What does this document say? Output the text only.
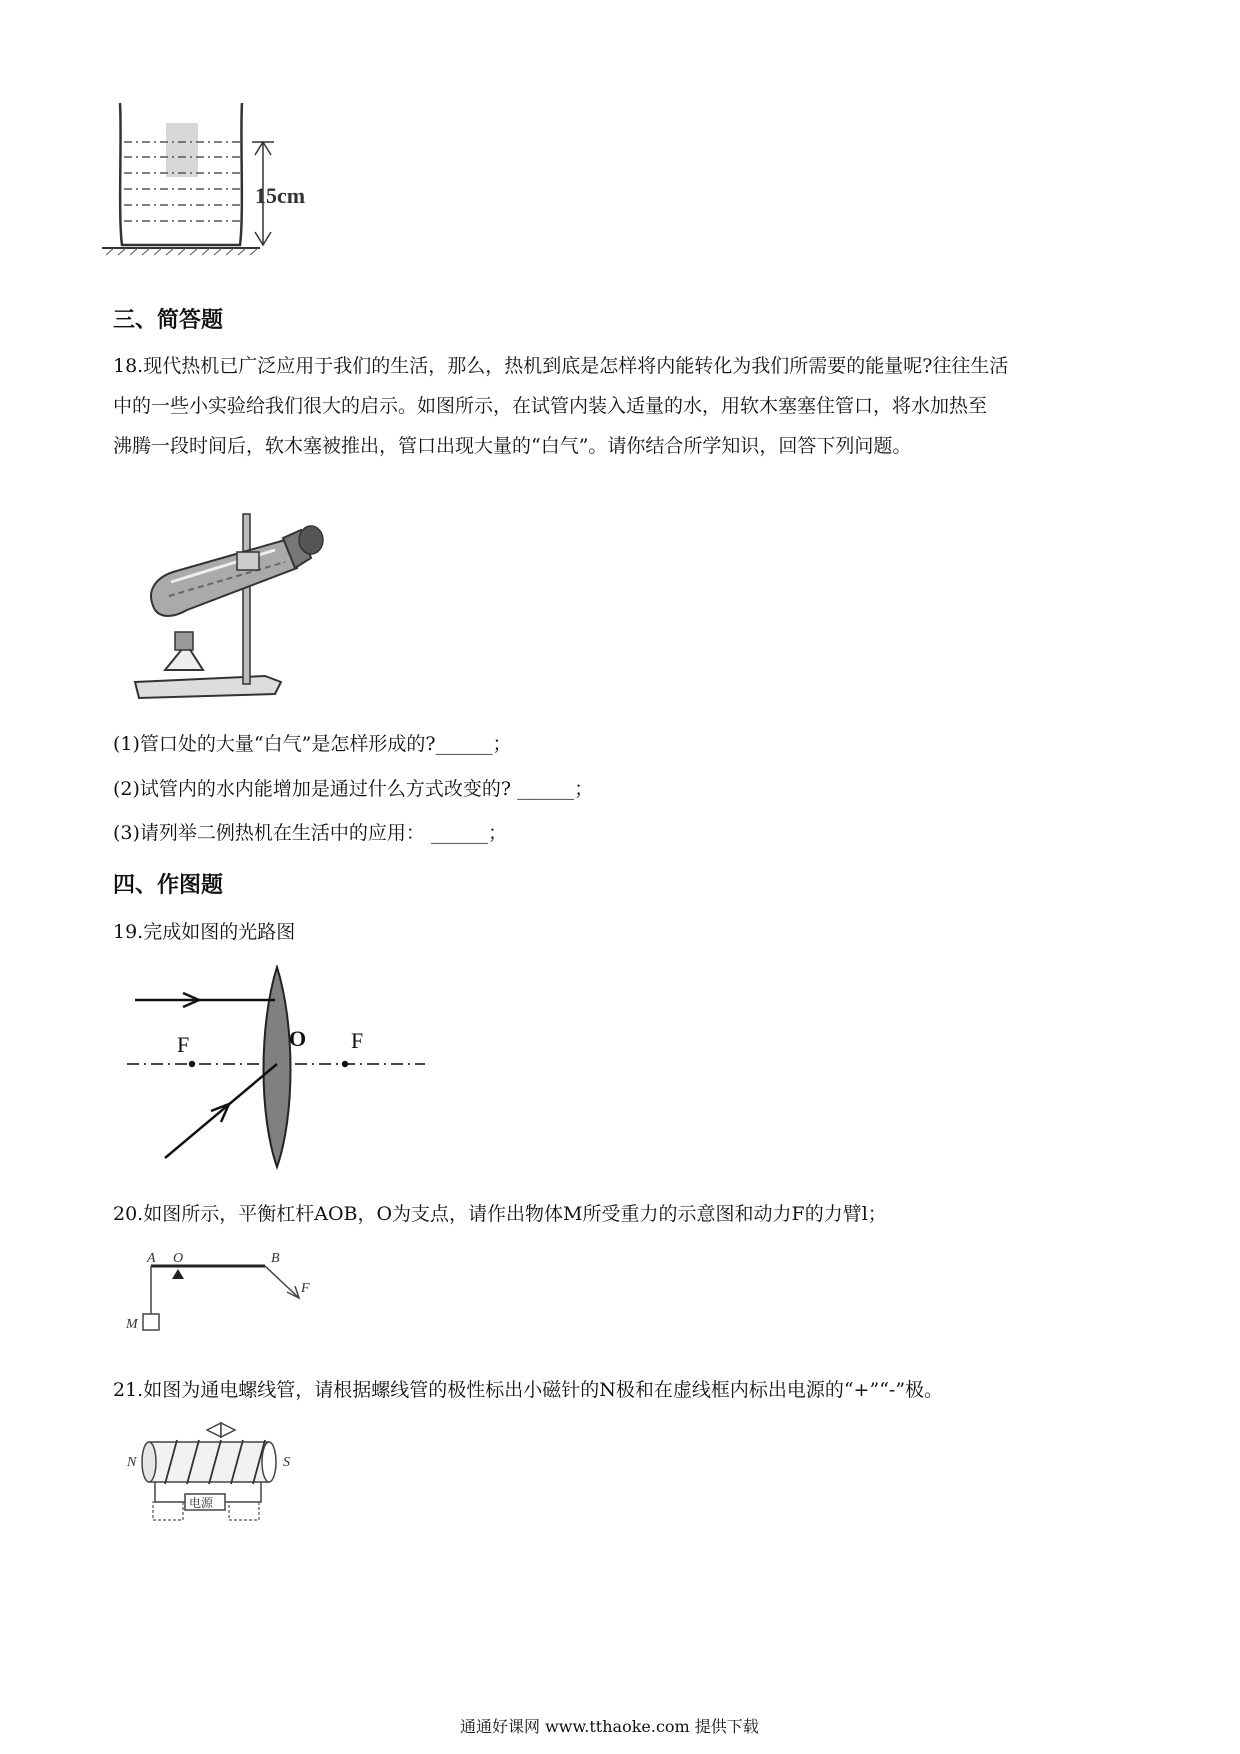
15cm
三、简答题
18.现代热机已广泛应用于我们的生活，那么，热机到底是怎样将内能转化为我们所需要的能量呢?往往生活
中的一些小实验给我们很大的启示。如图所示，在试管内装入适量的水，用软木塞塞住管口，将水加热至
沸腾一段时间后，软木塞被推出，管口出现大量的“白气”。请你结合所学知识，回答下列问题。
(1)管口处的大量“白气”是怎样形成的?______；
(2)试管内的水内能增加是通过什么方式改变的? ______；
(3)请列举二例热机在生活中的应用： ______；
四、作图题
19.完成如图的光路图
F	O F
20.如图所示，平衡杠杆AOB，O为支点，请作出物体M所受重力的示意图和动力F的力臂l；
A O	B
F
M
21.如图为通电螺线管，请根据螺线管的极性标出小磁针的N极和在虚线框内标出电源的“+”“-”极。
电源
N	S
通通好课网 www.tthaoke.com 提供下载
